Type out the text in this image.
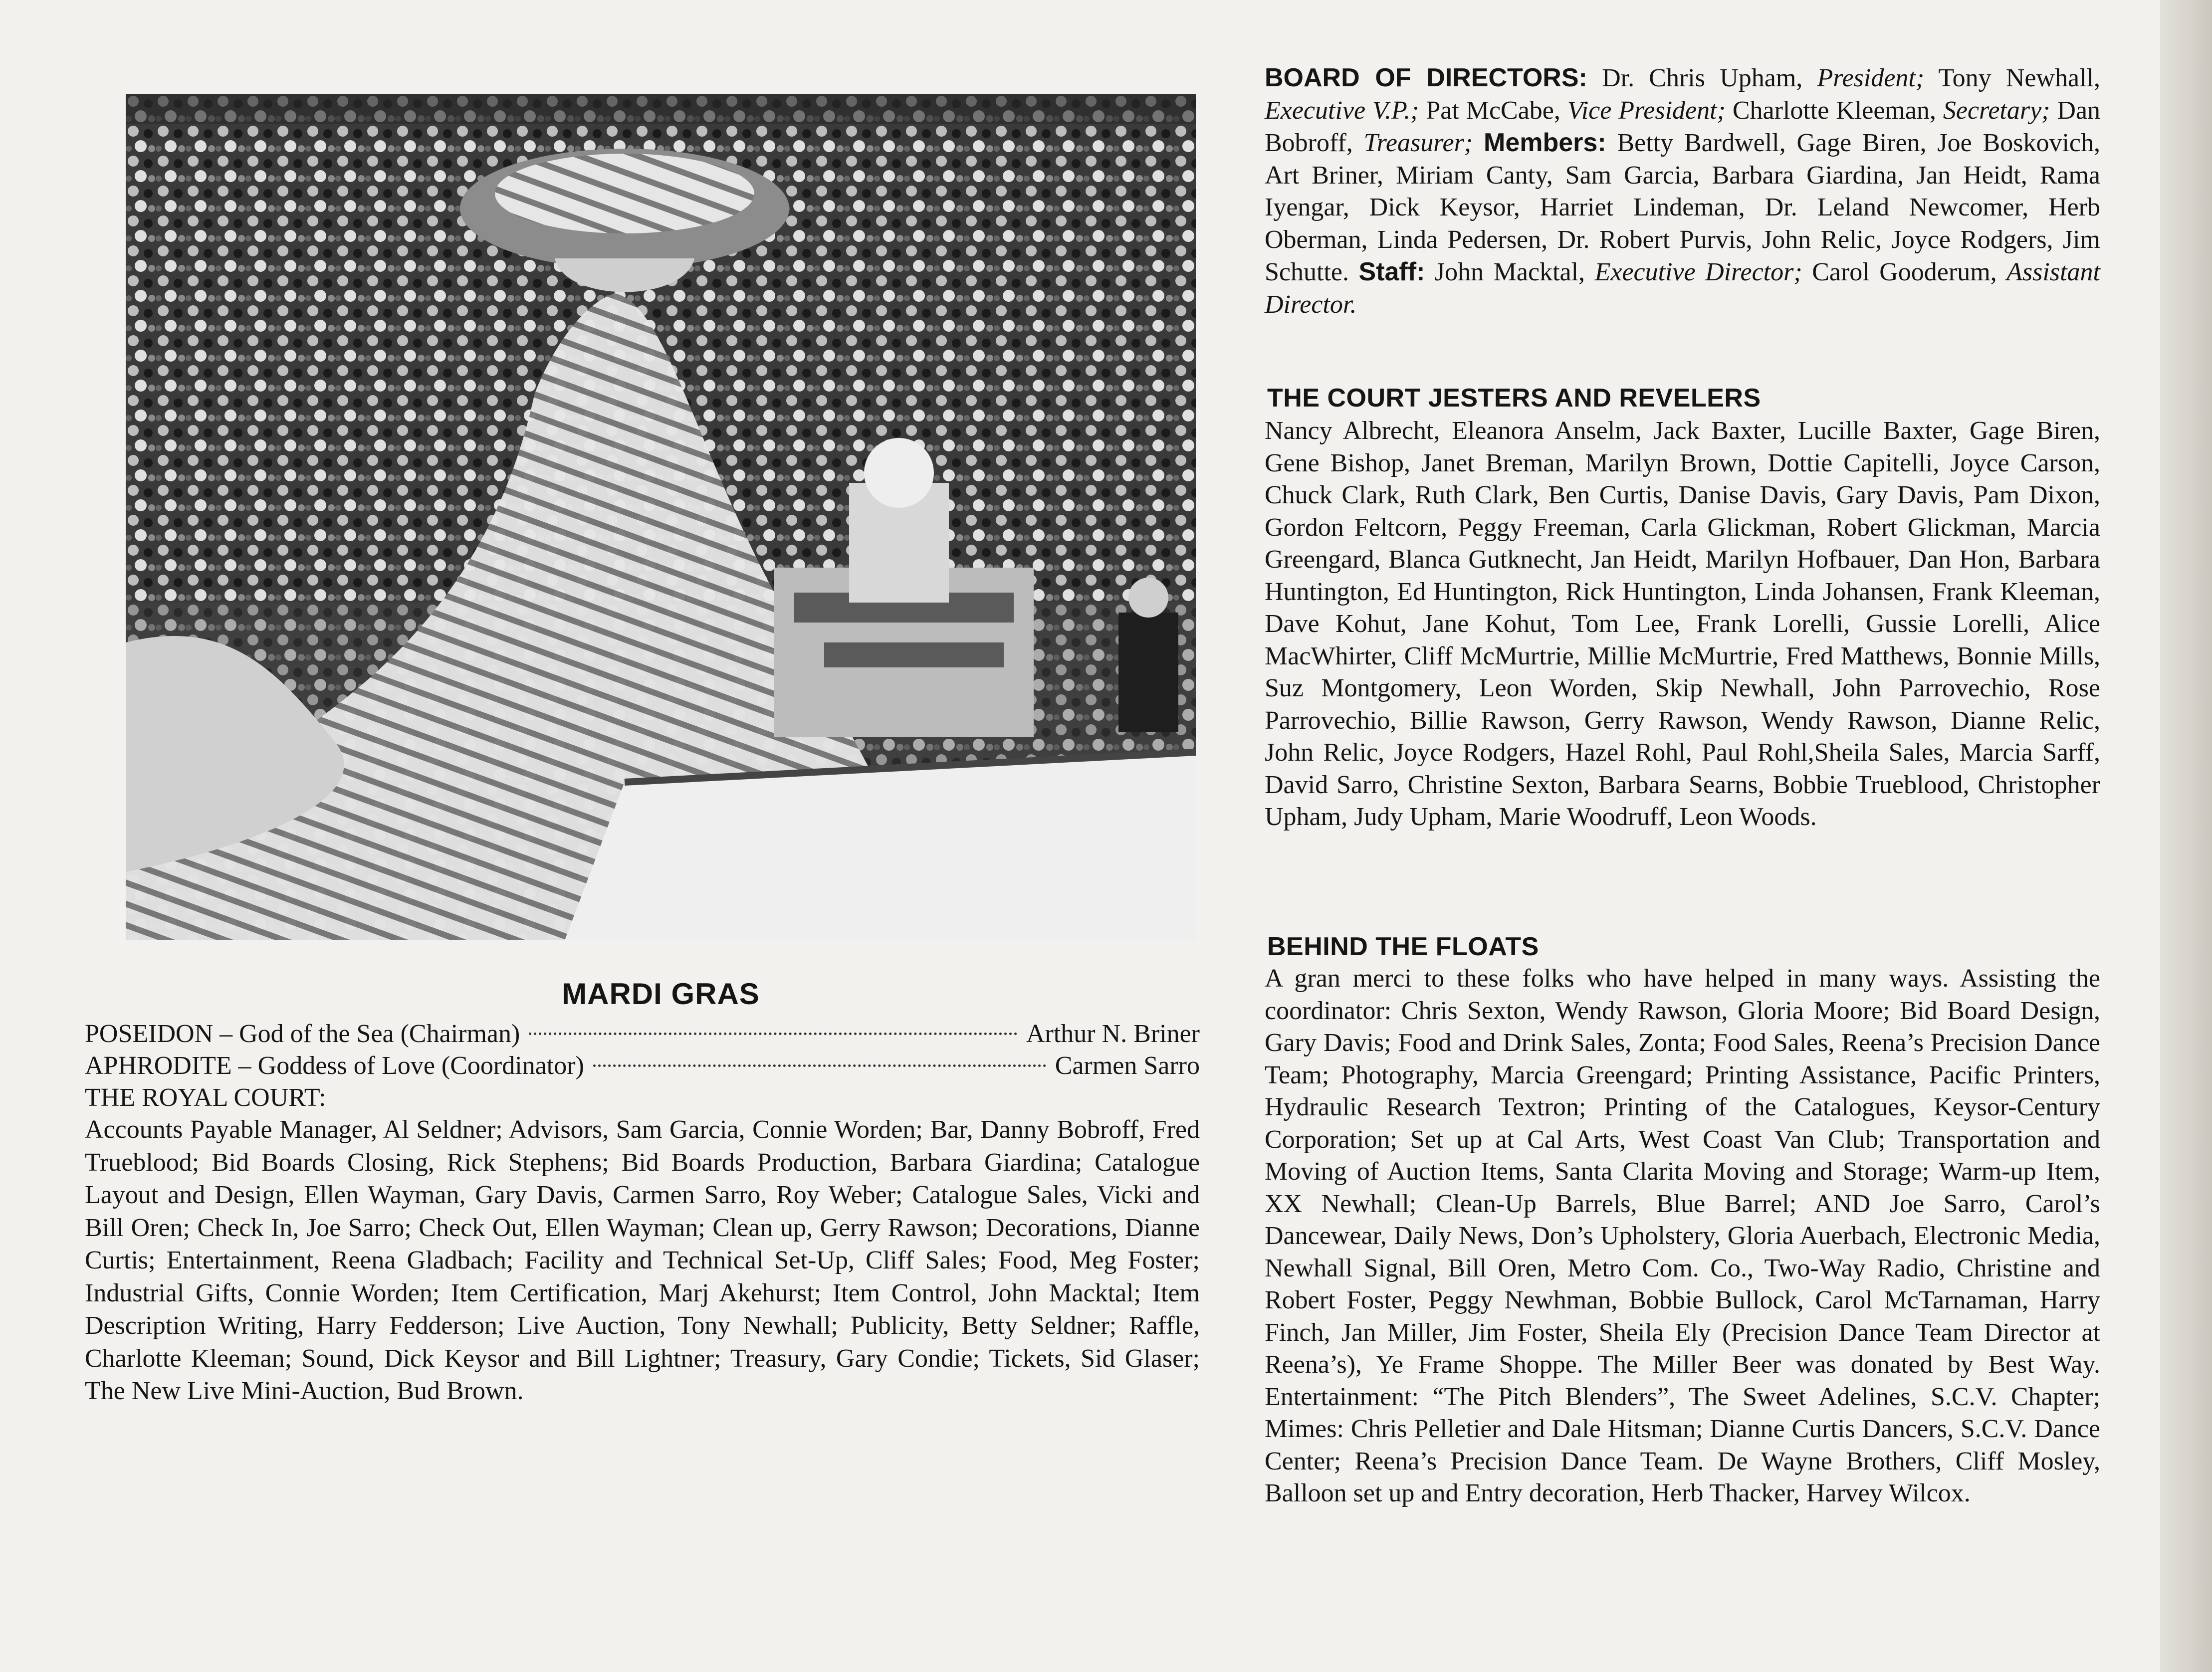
MARDI GRAS
POSEIDON – God of the Sea (Chairman)	Arthur N. Briner
APHRODITE – Goddess of Love (Coordinator)	Carmen Sarro
THE ROYAL COURT:
Accounts Payable Manager, Al Seldner; Advisors, Sam Garcia, Connie Worden; Bar, Danny Bobroff, Fred Trueblood; Bid Boards Closing, Rick Stephens; Bid Boards Production, Barbara Giardina; Catalogue Layout and Design, Ellen Wayman, Gary Davis, Carmen Sarro, Roy Weber; Catalogue Sales, Vicki and Bill Oren; Check In, Joe Sarro; Check Out, Ellen Wayman; Clean up, Gerry Rawson; Decorations, Dianne Curtis; Entertainment, Reena Gladbach; Facility and Technical Set-Up, Cliff Sales; Food, Meg Foster; Industrial Gifts, Connie Worden; Item Certification, Marj Akehurst; Item Control, John Macktal; Item Description Writing, Harry Fedderson; Live Auction, Tony Newhall; Publicity, Betty Seldner; Raffle, Charlotte Kleeman; Sound, Dick Keysor and Bill Lightner; Treasury, Gary Condie; Tickets, Sid Glaser; The New Live Mini-Auction, Bud Brown.
BOARD OF DIRECTORS: Dr. Chris Upham, President; Tony Newhall, Executive V.P.; Pat McCabe, Vice President; Charlotte Kleeman, Secretary; Dan Bobroff, Treasurer; Members: Betty Bardwell, Gage Biren, Joe Boskovich, Art Briner, Miriam Canty, Sam Garcia, Barbara Giardina, Jan Heidt, Rama Iyengar, Dick Keysor, Harriet Lindeman, Dr. Leland Newcomer, Herb Oberman, Linda Pedersen, Dr. Robert Purvis, John Relic, Joyce Rodgers, Jim Schutte. Staff: John Macktal, Executive Director; Carol Gooderum, Assistant Director.
THE COURT JESTERS AND REVELERS
Nancy Albrecht, Eleanora Anselm, Jack Baxter, Lucille Baxter, Gage Biren, Gene Bishop, Janet Breman, Marilyn Brown, Dottie Capitelli, Joyce Carson, Chuck Clark, Ruth Clark, Ben Curtis, Danise Davis, Gary Davis, Pam Dixon, Gordon Feltcorn, Peggy Freeman, Carla Glickman, Robert Glickman, Marcia Greengard, Blanca Gutknecht, Jan Heidt, Marilyn Hofbauer, Dan Hon, Barbara Huntington, Ed Huntington, Rick Huntington, Linda Johansen, Frank Kleeman, Dave Kohut, Jane Kohut, Tom Lee, Frank Lorelli, Gussie Lorelli, Alice MacWhirter, Cliff McMurtrie, Millie McMurtrie, Fred Matthews, Bonnie Mills, Suz Montgomery, Leon Worden, Skip Newhall, John Parrovechio, Rose Parrovechio, Billie Rawson, Gerry Rawson, Wendy Rawson, Dianne Relic, John Relic, Joyce Rodgers, Hazel Rohl, Paul Rohl,Sheila Sales, Marcia Sarff, David Sarro, Christine Sexton, Barbara Searns, Bobbie Trueblood, Christopher Upham, Judy Upham, Marie Woodruff, Leon Woods.
BEHIND THE FLOATS
A gran merci to these folks who have helped in many ways. Assisting the coordinator: Chris Sexton, Wendy Rawson, Gloria Moore; Bid Board Design, Gary Davis; Food and Drink Sales, Zonta; Food Sales, Reena’s Precision Dance Team; Photography, Marcia Greengard; Printing Assistance, Pacific Printers, Hydraulic Research Textron; Printing of the Catalogues, Keysor-Century Corporation; Set up at Cal Arts, West Coast Van Club; Transportation and Moving of Auction Items, Santa Clarita Moving and Storage; Warm-up Item, XX Newhall; Clean-Up Barrels, Blue Barrel; AND Joe Sarro, Carol’s Dancewear, Daily News, Don’s Upholstery, Gloria Auerbach, Electronic Media, Newhall Signal, Bill Oren, Metro Com. Co., Two-Way Radio, Christine and Robert Foster, Peggy Newhman, Bobbie Bullock, Carol McTarnaman, Harry Finch, Jan Miller, Jim Foster, Sheila Ely (Precision Dance Team Director at Reena’s), Ye Frame Shoppe. The Miller Beer was donated by Best Way. Entertainment: “The Pitch Blenders”, The Sweet Adelines, S.C.V. Chapter; Mimes: Chris Pelletier and Dale Hitsman; Dianne Curtis Dancers, S.C.V. Dance Center; Reena’s Precision Dance Team. De Wayne Brothers, Cliff Mosley, Balloon set up and Entry decoration, Herb Thacker, Harvey Wilcox.
